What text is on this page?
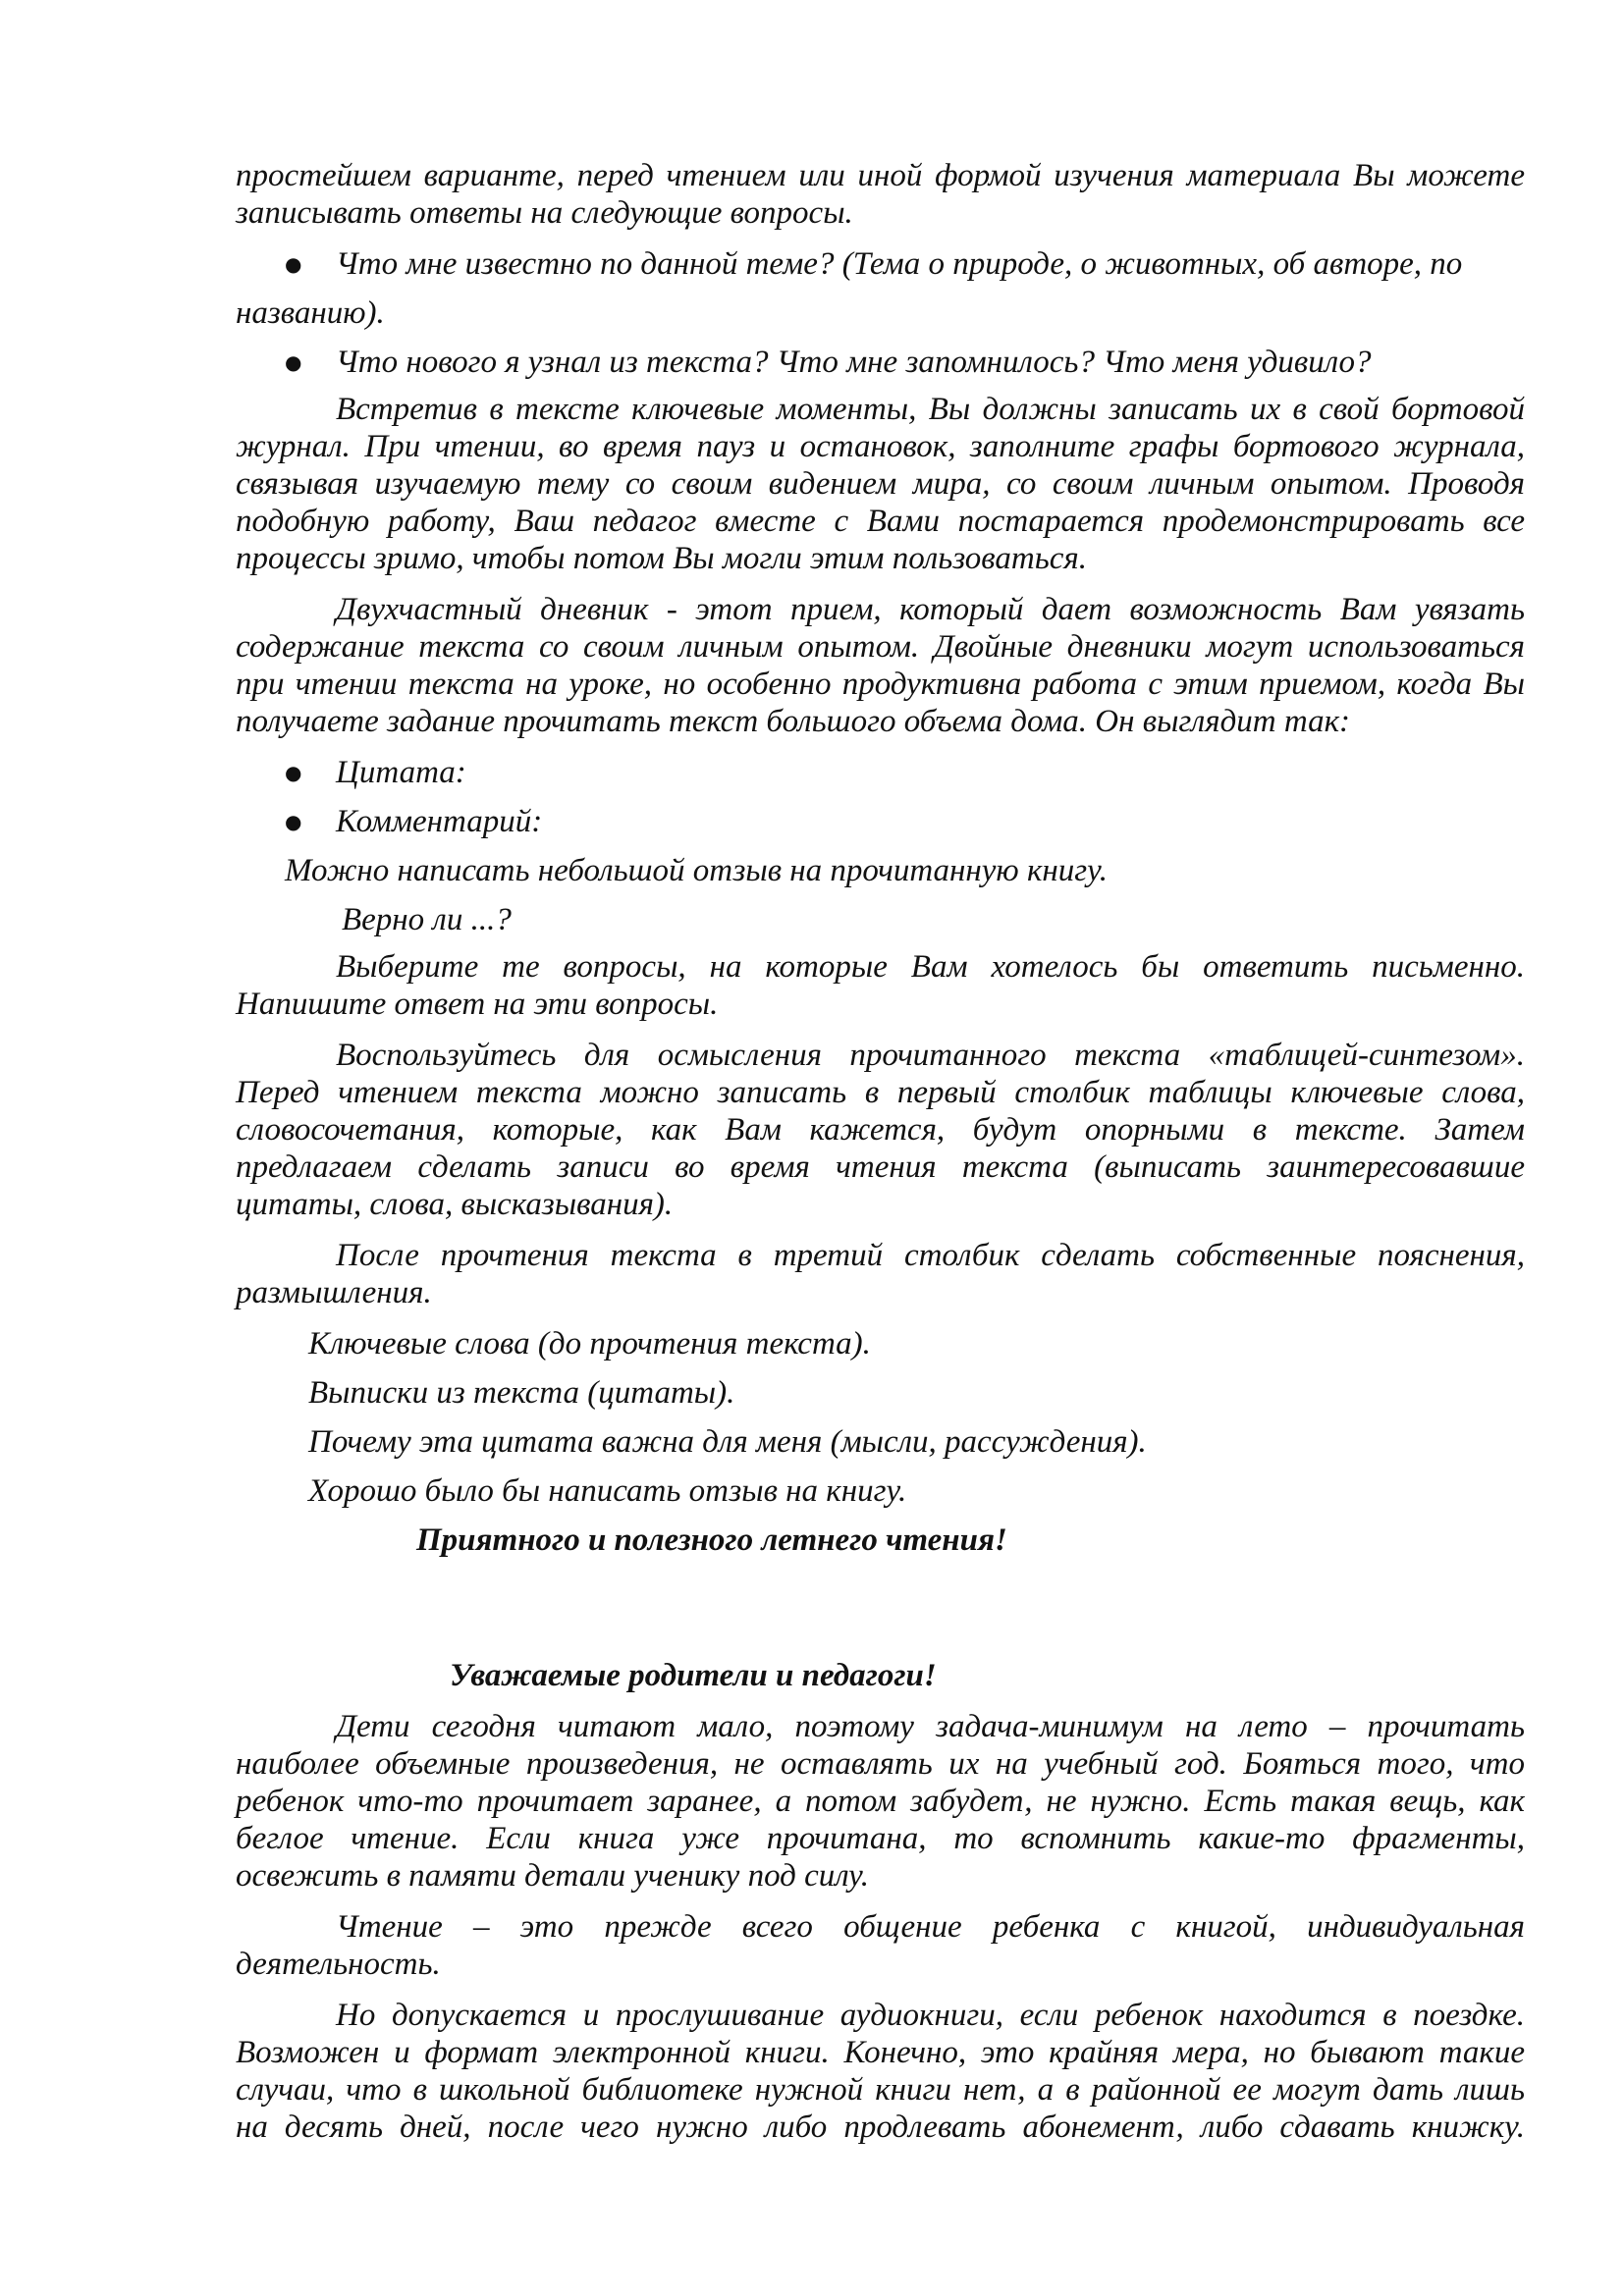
простейшем варианте, перед чтением или иной формой изучения материала Вы можете
записывать ответы на следующие вопросы.
● Что мне известно по данной теме? (Тема о природе, о животных, об авторе, по
названию).
● Что нового я узнал из текста? Что мне запомнилось? Что меня удивило?
Встретив в тексте ключевые моменты, Вы должны записать их в свой бортовой
журнал. При чтении, во время пауз и остановок, заполните графы бортового журнала,
связывая изучаемую тему со своим видением мира, со своим личным опытом. Проводя
подобную работу, Ваш педагог вместе с Вами постарается продемонстрировать все
процессы зримо, чтобы потом Вы могли этим пользоваться.
Двухчастный дневник - этот прием, который дает возможность Вам увязать
содержание текста со своим личным опытом. Двойные дневники могут использоваться
при чтении текста на уроке, но особенно продуктивна работа с этим приемом, когда Вы
получаете задание прочитать текст большого объема дома. Он выглядит так:
● Цитата:
● Комментарий:
Можно написать небольшой отзыв на прочитанную книгу.
Верно ли ...?
Выберите те вопросы, на которые Вам хотелось бы ответить письменно.
Напишите ответ на эти вопросы.
Воспользуйтесь для осмысления прочитанного текста «таблицей-синтезом».
Перед чтением текста можно записать в первый столбик таблицы ключевые слова,
словосочетания, которые, как Вам кажется, будут опорными в тексте. Затем
предлагаем сделать записи во время чтения текста (выписать заинтересовавшие
цитаты, слова, высказывания).
После прочтения текста в третий столбик сделать собственные пояснения,
размышления.
Ключевые слова (до прочтения текста).
Выписки из текста (цитаты).
Почему эта цитата важна для меня (мысли, рассуждения).
Хорошо было бы написать отзыв на книгу.
Приятного и полезного летнего чтения!
Уважаемые родители и педагоги!
Дети сегодня читают мало, поэтому задача-минимум на лето – прочитать
наиболее объемные произведения, не оставлять их на учебный год. Бояться того, что
ребенок что-то прочитает заранее, а потом забудет, не нужно. Есть такая вещь, как
беглое чтение. Если книга уже прочитана, то вспомнить какие-то фрагменты,
освежить в памяти детали ученику под силу.
Чтение – это прежде всего общение ребенка с книгой, индивидуальная
деятельность.
Но допускается и прослушивание аудиокниги, если ребенок находится в поездке.
Возможен и формат электронной книги. Конечно, это крайняя мера, но бывают такие
случаи, что в школьной библиотеке нужной книги нет, а в районной ее могут дать лишь
на десять дней, после чего нужно либо продлевать абонемент, либо сдавать книжку.
